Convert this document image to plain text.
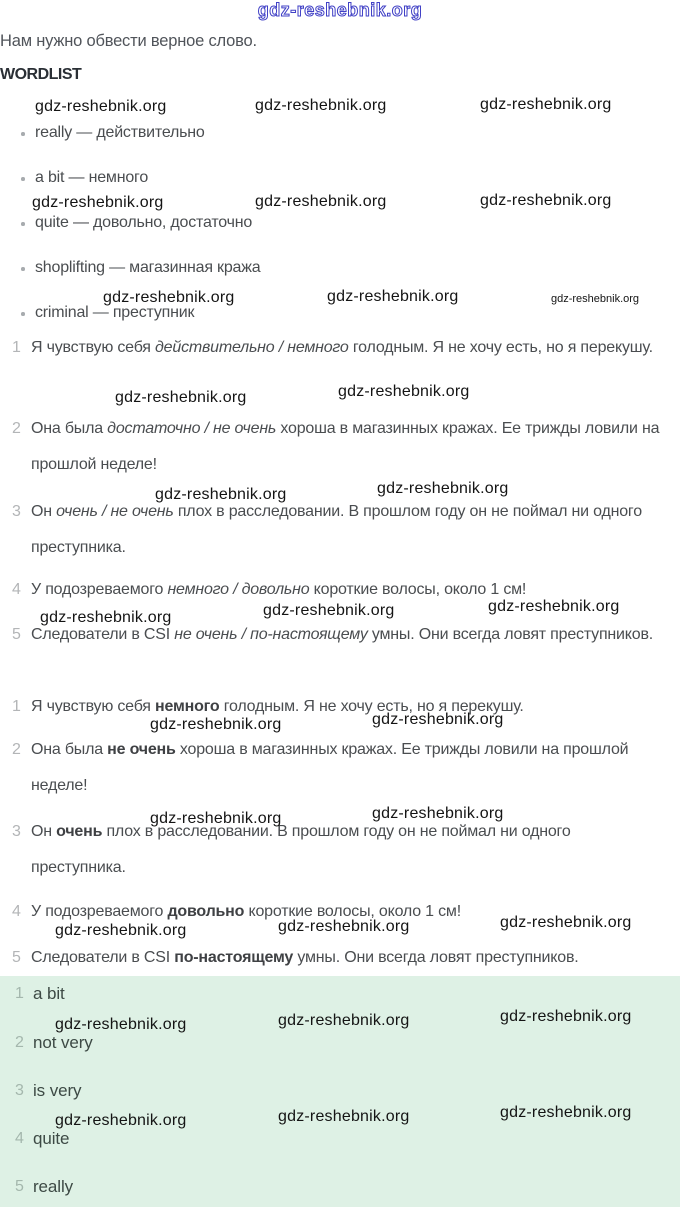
Нам нужно обвести верное слово.
WORDLIST
really — действительно
a bit — немного
quite — довольно, достаточно
shoplifting — магазинная кража
criminal — преступник
1 Я чувствую себя действительно / немного голодным. Я не хочу есть, но я перекушу.
2 Она была достаточно / не очень хороша в магазинных кражах. Ее трижды ловили на прошлой неделе!
3 Он очень / не очень плох в расследовании. В прошлом году он не поймал ни одного преступника.
4 У подозреваемого немного / довольно короткие волосы, около 1 см!
5 Следователи в CSI не очень / по-настоящему умны. Они всегда ловят преступников.
1 Я чувствую себя немного голодным. Я не хочу есть, но я перекушу.
2 Она была не очень хороша в магазинных кражах. Ее трижды ловили на прошлой неделе!
3 Он очень плох в расследовании. В прошлом году он не поймал ни одного преступника.
4 У подозреваемого довольно короткие волосы, около 1 см!
5 Следователи в CSI по-настоящему умны. Они всегда ловят преступников.
1 a bit
2 not very
3 is very
4 quite
5 really
gdz-reshebnik.org
gdz-reshebnik.org	gdz-reshebnik.org	gdz-reshebnik.org
gdz-reshebnik.org	gdz-reshebnik.org	gdz-reshebnik.org
gdz-reshebnik.org	gdz-reshebnik.org	gdz-reshebnik.org
gdz-reshebnik.org	gdz-reshebnik.org
gdz-reshebnik.org	gdz-reshebnik.org
gdz-reshebnik.org	gdz-reshebnik.org	gdz-reshebnik.org
gdz-reshebnik.org	gdz-reshebnik.org
gdz-reshebnik.org	gdz-reshebnik.org
gdz-reshebnik.org	gdz-reshebnik.org	gdz-reshebnik.org
gdz-reshebnik.org	gdz-reshebnik.org	gdz-reshebnik.org
gdz-reshebnik.org	gdz-reshebnik.org	gdz-reshebnik.org
